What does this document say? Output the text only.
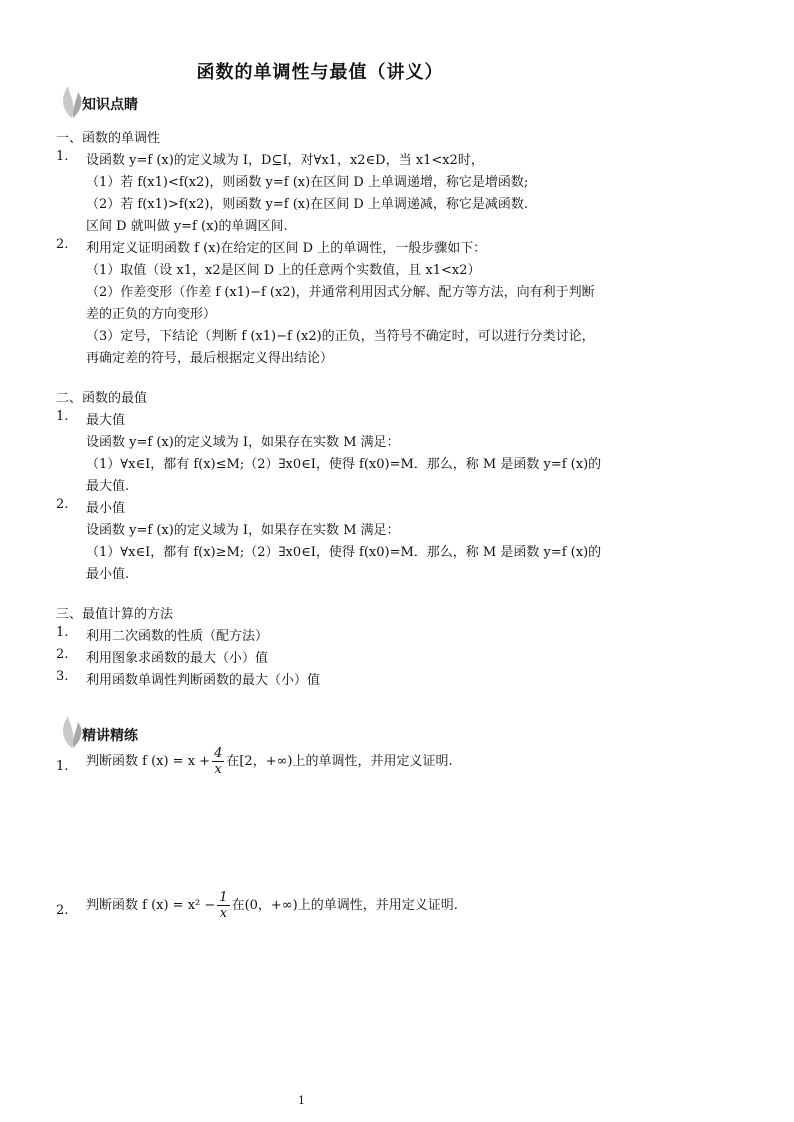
函数的单调性与最值（讲义）
知识点睛
一、函数的单调性
1. 设函数 y=f (x)的定义域为 I，D⊆I，对∀x1，x2∈D，当 x1<x2时，
（1）若 f(x1)<f(x2)，则函数 y=f (x)在区间 D 上单调递增，称它是增函数;
（2）若 f(x1)>f(x2)，则函数 y=f (x)在区间 D 上单调递减，称它是减函数.
区间 D 就叫做 y=f (x)的单调区间.
2. 利用定义证明函数 f (x)在给定的区间 D 上的单调性，一般步骤如下：
（1）取值（设 x1，x2是区间 D 上的任意两个实数值，且 x1<x2）
（2）作差变形（作差 f (x1)−f (x2)，并通常利用因式分解、配方等方法，向有利于判断
差的正负的方向变形）
（3）定号，下结论（判断 f (x1)−f (x2)的正负，当符号不确定时，可以进行分类讨论，
再确定差的符号，最后根据定义得出结论）
二、函数的最值
1. 最大值
设函数 y=f (x)的定义域为 I，如果存在实数 M 满足：
（1）∀x∈I，都有 f(x)≤M;（2）∃x0∈I，使得 f(x0)=M．那么，称 M 是函数 y=f (x)的
最大值.
2. 最小值
设函数 y=f (x)的定义域为 I，如果存在实数 M 满足：
（1）∀x∈I，都有 f(x)≥M;（2）∃x0∈I，使得 f(x0)=M．那么，称 M 是函数 y=f (x)的
最小值.
三、最值计算的方法
1. 利用二次函数的性质（配方法）
2. 利用图象求函数的最大（小）值
3. 利用函数单调性判断函数的最大（小）值
精讲精练
1. 判断函数 f $(x) = x + \frac{4}{x}$ 在[2，+∞)上的单调性，并用定义证明.
2. 判断函数 f $(x) = x^2 - \frac{1}{x}$ 在(0，+∞)上的单调性，并用定义证明.
1
